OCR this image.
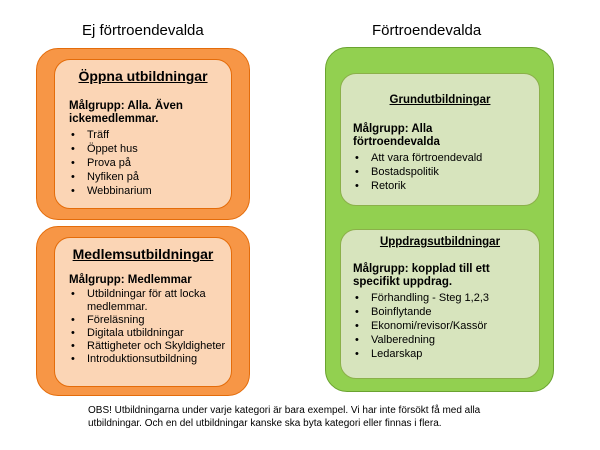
Ej förtroendevalda	Förtroendevalda
Öppna utbildningar
Målgrupp: Alla. Även ickemedlemmar.
• Träff
• Öppet hus
• Prova på
• Nyfiken på
• Webbinarium
Medlemsutbildningar
Målgrupp: Medlemmar
• Utbildningar för att locka medlemmar.
• Föreläsning
• Digitala utbildningar
• Rättigheter och Skyldigheter
• Introduktionsutbildning
Grundutbildningar
Målgrupp: Alla förtroendevalda
• Att vara förtroendevald
• Bostadspolitik
• Retorik
Uppdragsutbildningar
Målgrupp: kopplad till ett specifikt uppdrag.
• Förhandling - Steg 1,2,3
• Boinflytande
• Ekonomi/revisor/Kassör
• Valberedning
• Ledarskap
OBS! Utbildningarna under varje kategori är bara exempel. Vi har inte försökt få med alla utbildningar. Och en del utbildningar kanske ska byta kategori eller finnas i flera.
